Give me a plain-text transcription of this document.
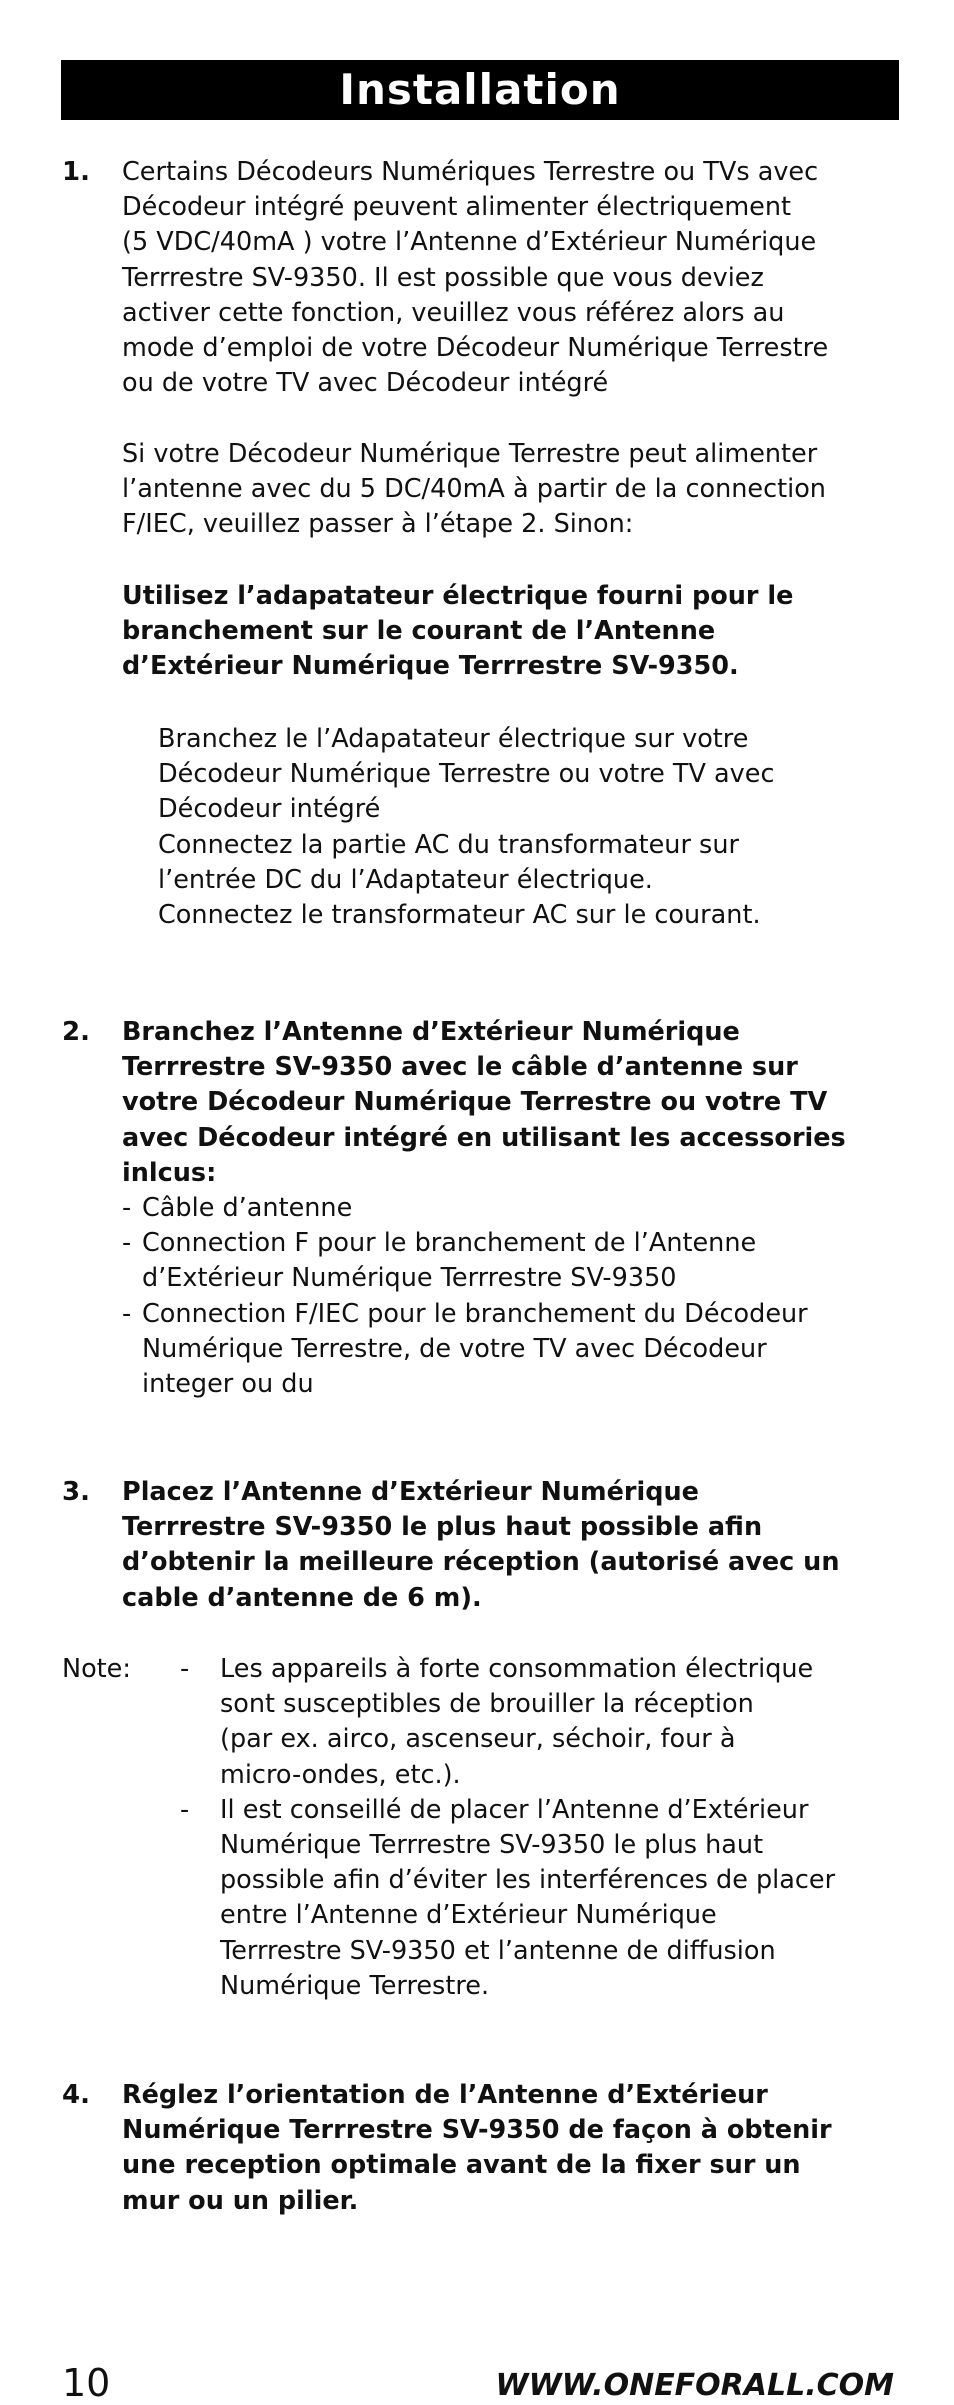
Installation
1. Certains Décodeurs Numériques Terrestre ou TVs avec

Décodeur intégré peuvent alimenter électriquement

(5 VDC/40mA ) votre l’Antenne d’Extérieur Numérique

Terrrestre SV-9350. Il est possible que vous deviez

activer cette fonction, veuillez vous référez alors au

mode d’emploi de votre Décodeur Numérique Terrestre

ou de votre TV avec Décodeur intégré

Si votre Décodeur Numérique Terrestre peut alimenter

l’antenne avec du 5 DC/40mA à partir de la connection

F/IEC, veuillez passer à l’étape 2. Sinon:

Utilisez l’adapatateur électrique fourni pour le

branchement sur le courant de l’Antenne

d’Extérieur Numérique Terrrestre SV-9350.

Branchez le l’Adapatateur électrique sur votre

Décodeur Numérique Terrestre ou votre TV avec

Décodeur intégré

Connectez la partie AC du transformateur sur

l’entrée DC du l’Adaptateur électrique.

Connectez le transformateur AC sur le courant.

2. Branchez l’Antenne d’Extérieur Numérique

Terrrestre SV-9350 avec le câble d’antenne sur

votre Décodeur Numérique Terrestre ou votre TV

avec Décodeur intégré en utilisant les accessories

inlcus:

- Câble d’antenne

- Connection F pour le branchement de l’Antenne

d’Extérieur Numérique Terrrestre SV-9350

- Connection F/IEC pour le branchement du Décodeur

Numérique Terrestre, de votre TV avec Décodeur

integer ou du

3. Placez l’Antenne d’Extérieur Numérique

Terrrestre SV-9350 le plus haut possible afin

d’obtenir la meilleure réception (autorisé avec un

cable d’antenne de 6 m).

Note: -	Les appareils à forte consommation électrique

sont susceptibles de brouiller la réception

(par ex. airco, ascenseur, séchoir, four à

micro-ondes, etc.).

-	Il est conseillé de placer l’Antenne d’Extérieur

Numérique Terrrestre SV-9350 le plus haut

possible afin d’éviter les interférences de placer

entre l’Antenne d’Extérieur Numérique

Terrrestre SV-9350 et l’antenne de diffusion

Numérique Terrestre.

4. Réglez l’orientation de l’Antenne d’Extérieur

Numérique Terrrestre SV-9350 de façon à obtenir

une reception optimale avant de la fixer sur un

mur ou un pilier.

10	WWW.ONEFORALL.COM
